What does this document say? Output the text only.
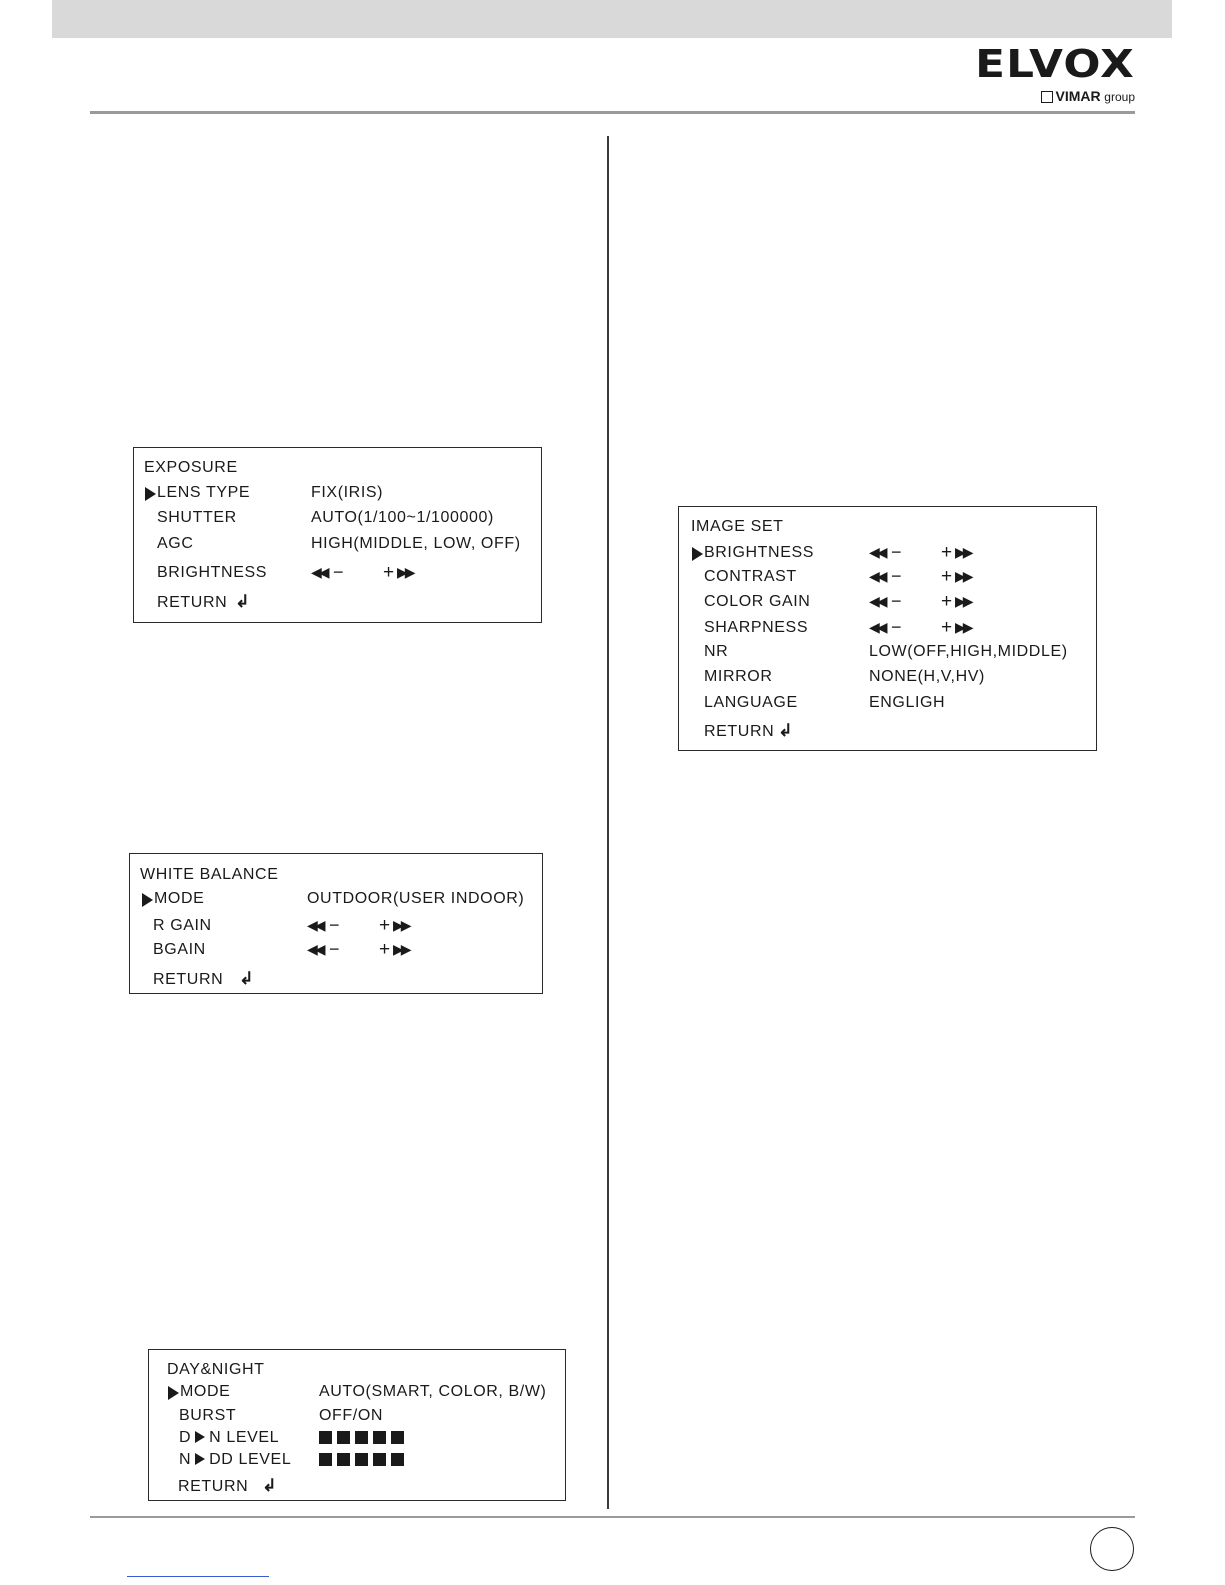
ELVOX
VIMAR group
EXPOSURE
LENS TYPE	FIX(IRIS)
SHUTTER	AUTO(1/100~1/100000)
AGC	HIGH(MIDDLE, LOW, OFF)
BRIGHTNESS	◀◀ − + ▶▶
RETURN ↲
WHITE BALANCE
MODE	OUTDOOR(USER INDOOR)
R GAIN	◀◀ − + ▶▶
BGAIN	◀◀ − + ▶▶
RETURN ↲
DAY&NIGHT
MODE	AUTO(SMART, COLOR, B/W)
BURST	OFF/ON
D N LEVEL
N DD LEVEL
RETURN ↲
IMAGE SET
BRIGHTNESS	◀◀ − + ▶▶
CONTRAST	◀◀ − + ▶▶
COLOR GAIN	◀◀ − + ▶▶
SHARPNESS	◀◀ − + ▶▶
NR	LOW(OFF,HIGH,MIDDLE)
MIRROR	NONE(H,V,HV)
LANGUAGE	ENGLIGH
RETURN ↲
